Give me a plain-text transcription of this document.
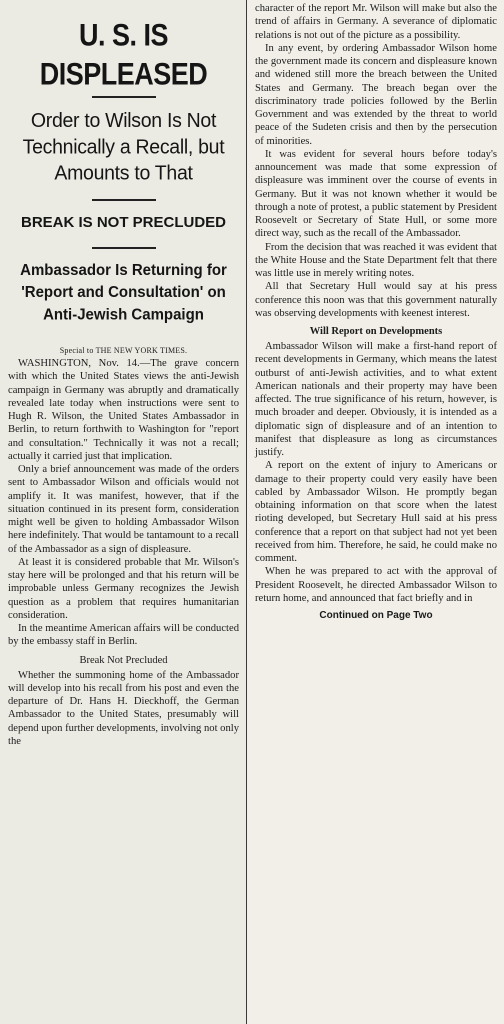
U. S. IS DISPLEASED
Order to Wilson Is Not Technically a Recall, but Amounts to That
BREAK IS NOT PRECLUDED
Ambassador Is Returning for 'Report and Consultation' on Anti-Jewish Campaign
Special to THE NEW YORK TIMES.

WASHINGTON, Nov. 14.—The grave concern with which the United States views the anti-Jewish campaign in Germany was abruptly and dramatically revealed late today when instructions were sent to Hugh R. Wilson, the United States Ambassador in Berlin, to return forthwith to Washington for "report and consultation." Technically it was not a recall; actually it carried just that implication.

Only a brief announcement was made of the orders sent to Ambassador Wilson and officials would not amplify it. It was manifest, however, that if the situation continued in its present form, consideration might well be given to holding Ambassador Wilson here indefinitely. That would be tantamount to a recall of the Ambassador as a sign of displeasure.

At least it is considered probable that Mr. Wilson's stay here will be prolonged and that his return will be improbable unless Germany recognizes the Jewish question as a problem that requires humanitarian consideration.

In the meantime American affairs will be conducted by the embassy staff in Berlin.

Break Not Precluded

Whether the summoning home of the Ambassador will develop into his recall from his post and even the departure of Dr. Hans H. Dieckhoff, the German Ambassador to the United States, presumably will depend upon further developments, involving not only the

character of the report Mr. Wilson will make but also the trend of affairs in Germany. A severance of diplomatic relations is not out of the picture as a possibility.

In any event, by ordering Ambassador Wilson home the government made its concern and displeasure known and widened still more the breach between the United States and Germany. The breach began over the discriminatory trade policies followed by the Berlin Government and was extended by the threat to world peace of the Sudeten crisis and then by the persecution of minorities.

It was evident for several hours before today's announcement was made that some expression of displeasure was imminent over the course of events in Germany. But it was not known whether it would be through a note of protest, a public statement by President Roosevelt or Secretary of State Hull, or some more direct way, such as the recall of the Ambassador.

From the decision that was reached it was evident that the White House and the State Department felt that there was little use in merely writing notes.

All that Secretary Hull would say at his press conference this noon was that this government naturally was observing developments with keenest interest.

Will Report on Developments

Ambassador Wilson will make a first-hand report of recent developments in Germany, which means the latest outburst of anti-Jewish activities, and to what extent American nationals and their property may have been affected. The true significance of his return, however, is much broader and deeper. Obviously, it is intended as a diplomatic sign of displeasure and of an intention to manifest that displeasure as long as circumstances justify.

A report on the extent of injury to Americans or damage to their property could very easily have been cabled by Ambassador Wilson. He promptly began obtaining information on that score when the latest rioting developed, but Secretary Hull said at his press conference that a report on that subject had not yet been received from him. Therefore, he said, he could make no comment.

When he was prepared to act with the approval of President Roosevelt, he directed Ambassador Wilson to return home, and announced that fact briefly and in

Continued on Page Two
